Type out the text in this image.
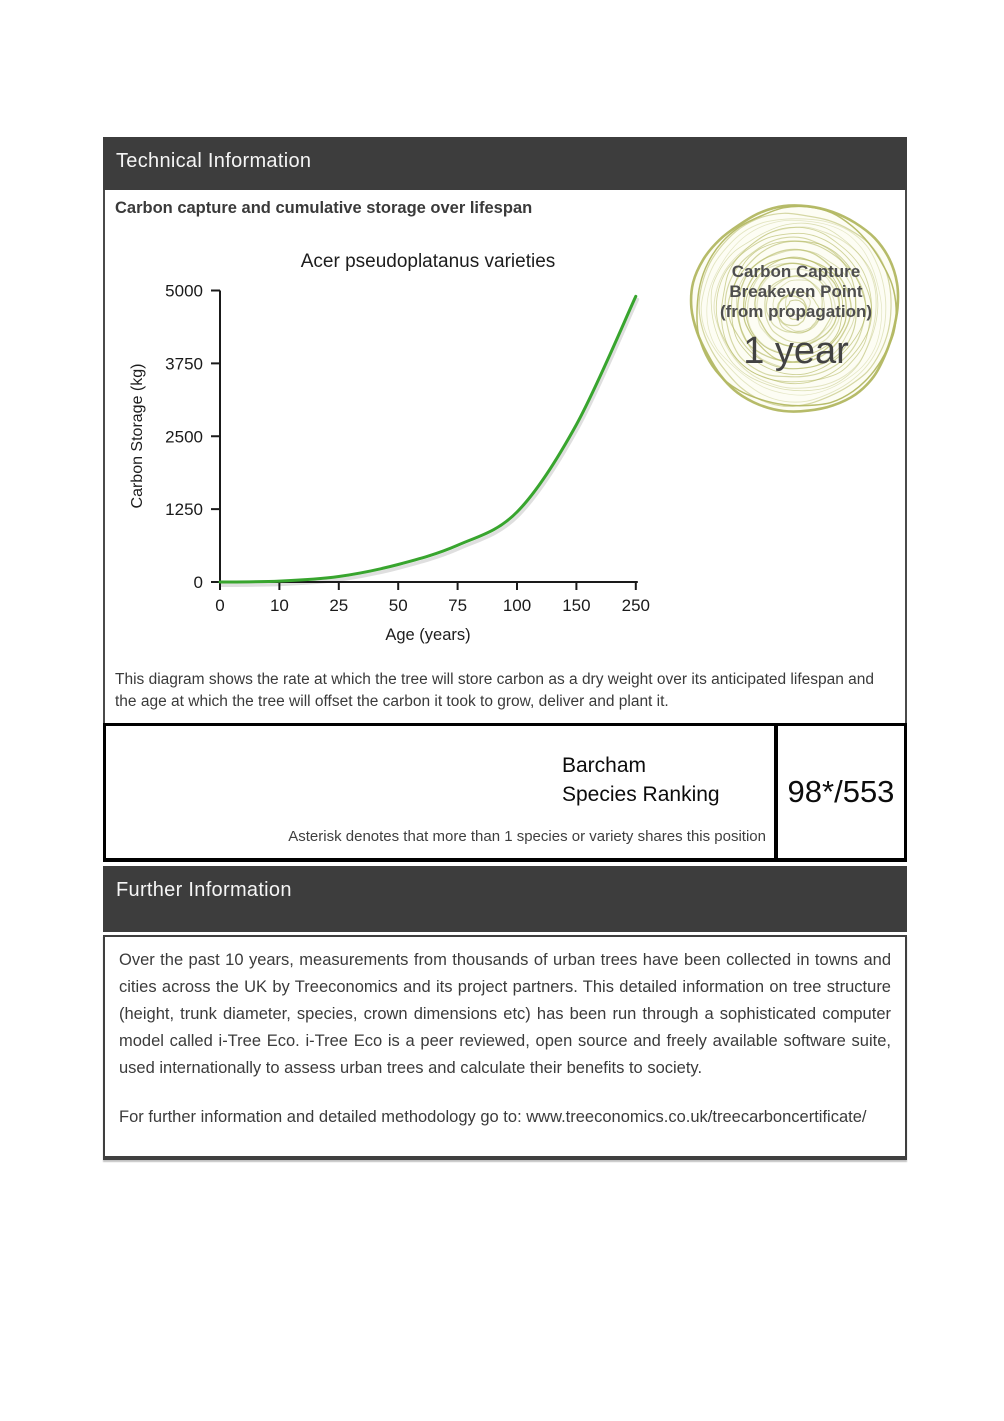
Technical Information
Carbon capture and cumulative storage over lifespan
0	10 25 50 75 100 150 250
0
1250
2500
3750
5000
Acer pseudoplatanus varieties
Age (years)
Carbon Storage (kg)
Carbon Capture
Breakeven Point
(from propagation)
1 year
This diagram shows the rate at which the tree will store carbon as a dry weight over its anticipated lifespan and the age at which the tree will offset the carbon it took to grow, deliver and plant it.
Barcham
Species Ranking
Asterisk denotes that more than 1 species or variety shares this position
98*/553
Further Information

Over the past 10 years, measurements from thousands of urban trees have been collected in towns and cities across the UK by Treeconomics and its project partners. This detailed information on tree structure (height, trunk diameter, species, crown dimensions etc) has been run through a sophisticated computer model called i-Tree Eco. i-Tree Eco is a peer reviewed, open source and freely available software suite, used internationally to assess urban trees and calculate their benefits to society.

For further information and detailed methodology go to: www.treeconomics.co.uk/treecarboncertificate/
